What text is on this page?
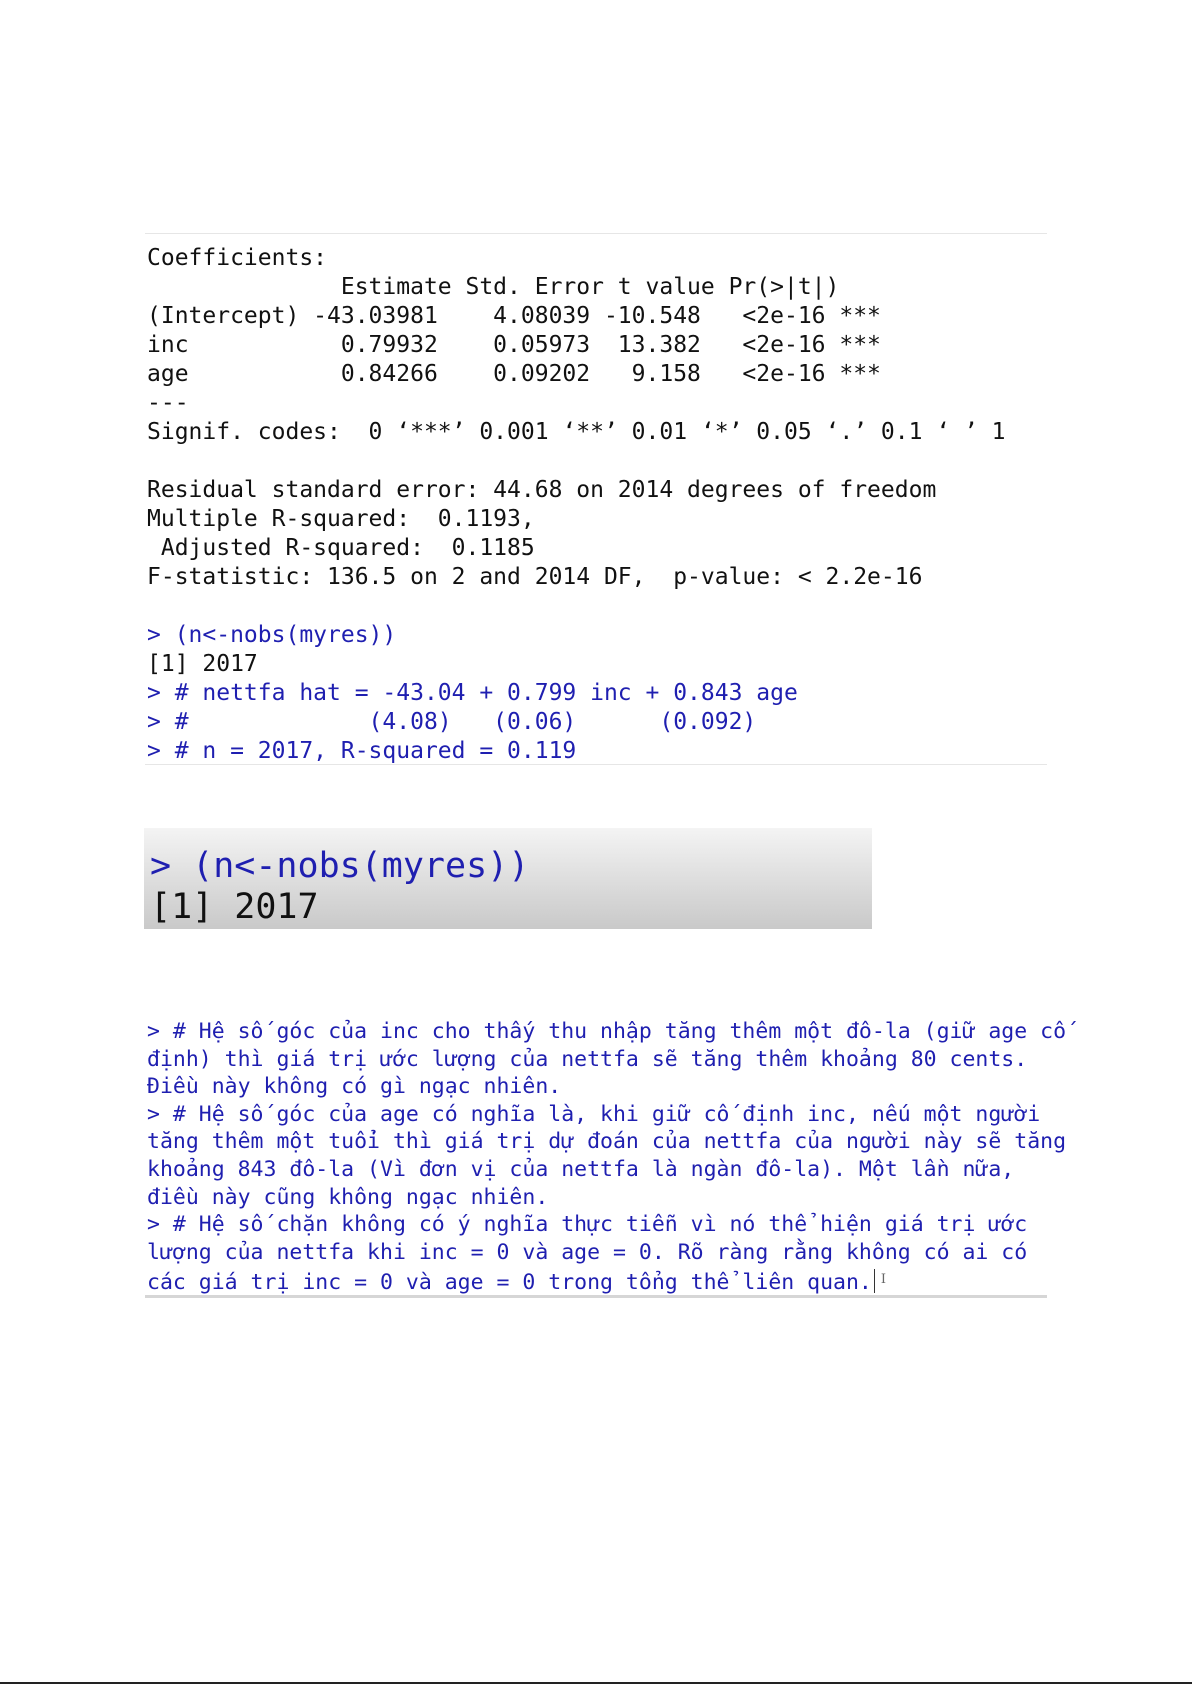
Coefficients:
Estimate Std. Error t value Pr(>|t|)
(Intercept) -43.03981    4.08039 -10.548   <2e-16 ***
inc           0.79932    0.05973  13.382   <2e-16 ***
age           0.84266    0.09202   9.158   <2e-16 ***
---
Signif. codes:  0 ‘***’ 0.001 ‘**’ 0.01 ‘*’ 0.05 ‘.’ 0.1 ‘ ’ 1
Residual standard error: 44.68 on 2014 degrees of freedom
Multiple R-squared:  0.1193,
Adjusted R-squared:  0.1185
F-statistic: 136.5 on 2 and 2014 DF,  p-value: < 2.2e-16
> (n<-nobs(myres))
[1] 2017
> # nettfa hat = -43.04 + 0.799 inc + 0.843 age
> #             (4.08)   (0.06)      (0.092)
> # n = 2017, R-squared = 0.119
> (n<-nobs(myres))
[1] 2017
> # Hệ số góc của inc cho thấy thu nhập tăng thêm một đô-la (giữ age cố
định) thì giá trị ước lượng của nettfa sẽ tăng thêm khoảng 80 cents.
Điều này không có gì ngạc nhiên.
> # Hệ số góc của age có nghĩa là, khi giữ cố định inc, nếu một người
tăng thêm một tuổi thì giá trị dự đoán của nettfa của người này sẽ tăng
khoảng 843 đô-la (Vì đơn vị của nettfa là ngàn đô-la). Một lần nữa,
điều này cũng không ngạc nhiên.
> # Hệ số chặn không có ý nghĩa thực tiễn vì nó thể hiện giá trị ước
lượng của nettfa khi inc = 0 và age = 0. Rõ ràng rằng không có ai có
các giá trị inc = 0 và age = 0 trong tổng thể liên quan. I
